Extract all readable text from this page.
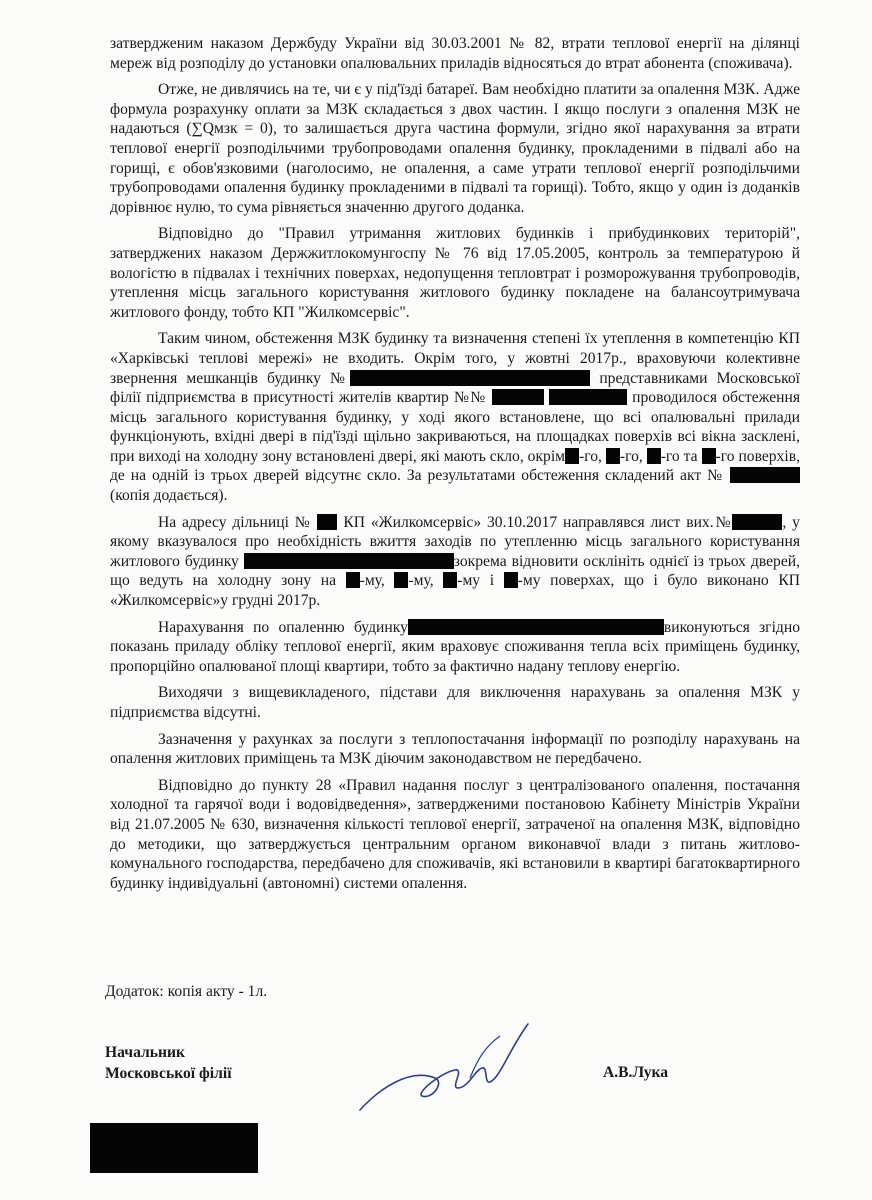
затвердженим наказом Держбуду України від 30.03.2001 № 82, втрати теплової енергії на ділянці мереж від розподілу до установки опалювальних приладів відносяться до втрат абонента (споживача).

Отже, не дивлячись на те, чи є у під'їзді батареї. Вам необхідно платити за опалення МЗК. Адже формула розрахунку оплати за МЗК складається з двох частин. І якщо послуги з опалення МЗК не надаються (∑Qмзк = 0), то залишається друга частина формули, згідно якої нарахування за втрати теплової енергії розподільчими трубопроводами опалення будинку, прокладеними в підвалі або на горищі, є обов'язковими (наголосимо, не опалення, а саме утрати теплової енергії розподільчими трубопроводами опалення будинку прокладеними в підвалі та горищі). Тобто, якщо у один із доданків дорівнює нулю, то сума рівняється значенню другого доданка.

Відповідно до "Правил утримання житлових будинків і прибудинкових територій", затверджених наказом Держжитлокомунгоспу № 76 від 17.05.2005, контроль за температурою й вологістю в підвалах і технічних поверхах, недопущення тепловтрат і розморожування трубопроводів, утеплення місць загального користування житлового будинку покладене на балансоутримувача житлового фонду, тобто КП "Жилкомсервіс".

Таким чином, обстеження МЗК будинку та визначення степені їх утеплення в компетенцію КП «Харківські теплові мережі» не входить. Окрім того, у жовтні 2017р., враховуючи колективне звернення мешканців будинку №	представниками Московської філії підприємства в присутності жителів квартир №№	проводилося обстеження місць загального користування будинку, у ході якого встановлене, що всі опалювальні прилади функціонують, вхідні двері в під'їзді щільно закриваються, на площадках поверхів всі вікна засклені, при виході на холодну зону встановлені двері, які мають скло, окрім -го, -го, -го та -го поверхів, де на одній із трьох дверей відсутнє скло. За результатами обстеження складений акт №  (копія додається).

На адресу дільниці № КП «Жилкомсервіс» 30.10.2017 направлявся лист вих.№	, у якому вказувалося про необхідність вжиття заходів по утепленню місць загального користування житлового будинку	зокрема відновити осклініть однієї із трьох дверей, що ведуть на холодну зону на -му, -му, -му і -му поверхах, що і було виконано КП «Жилкомсервіс»у грудні 2017р.

Нарахування по опаленню будинку	виконуються згідно показань приладу обліку теплової енергії, яким враховує споживання тепла всіх приміщень будинку, пропорційно опалюваної площі квартири, тобто за фактично надану теплову енергію.

Виходячи з вищевикладеного, підстави для виключення нарахувань за опалення МЗК у підприємства відсутні.

Зазначення у рахунках за послуги з теплопостачання інформації по розподілу нарахувань на опалення житлових приміщень та МЗК діючим законодавством не передбачено.

Відповідно до пункту 28 «Правил надання послуг з централізованого опалення, постачання холодної та гарячої води і водовідведення», затвердженими постановою Кабінету Міністрів України від 21.07.2005 № 630, визначення кількості теплової енергії, затраченої на опалення МЗК, відповідно до методики, що затверджується центральним органом виконавчої влади з питань житлово-комунального господарства, передбачено для споживачів, які встановили в квартирі багатоквартирного будинку індивідуальні (автономні) системи опалення.

Додаток: копія акту - 1л.
Начальник
Московської філії	А.В.Лука
